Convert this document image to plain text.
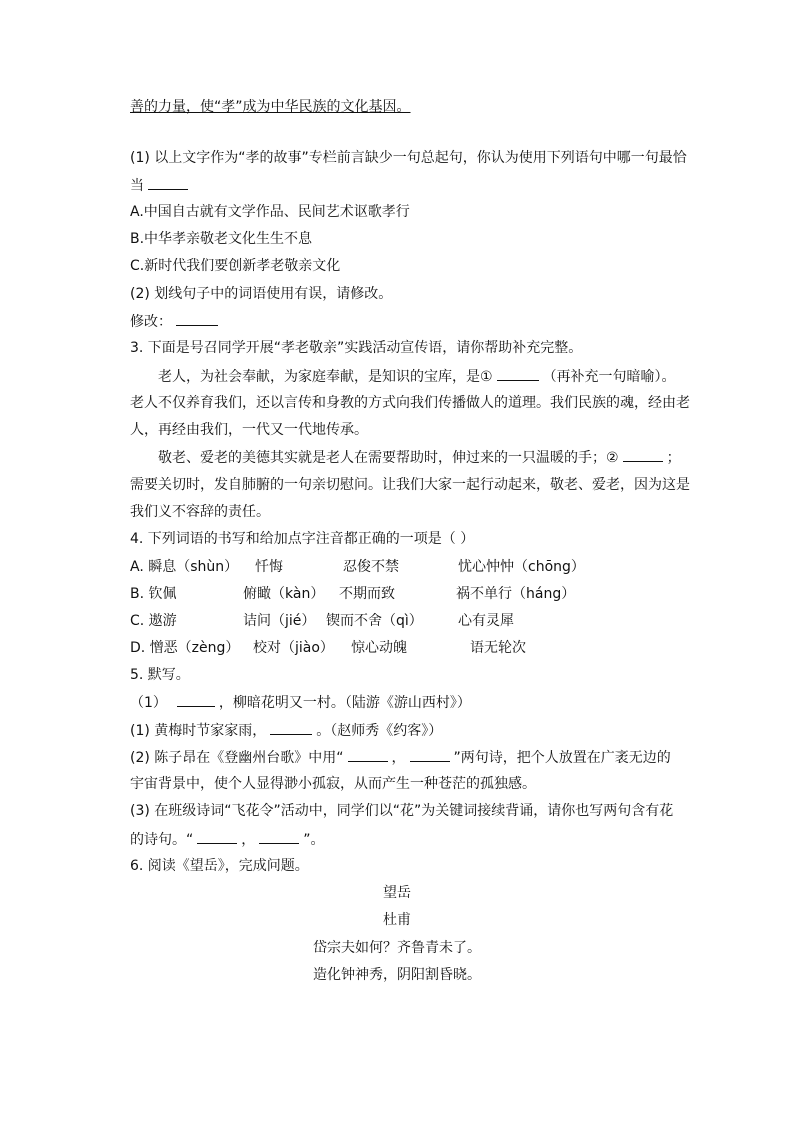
善的力量，使“孝”成为中华民族的文化基因。
(1) 以上文字作为“孝的故事”专栏前言缺少一句总起句，你认为使用下列语句中哪一句最恰
当
A.中国自古就有文学作品、民间艺术讴歌孝行
B.中华孝亲敬老文化生生不息
C.新时代我们要创新孝老敬亲文化
(2) 划线句子中的词语使用有误，请修改。
修改：
3. 下面是号召同学开展“孝老敬亲”实践活动宣传语，请你帮助补充完整。
老人，为社会奉献，为家庭奉献，是知识的宝库，是①	（再补充一句暗喻）。
老人不仅养育我们，还以言传和身教的方式向我们传播做人的道理。我们民族的魂，经由老
人，再经由我们，一代又一代地传承。
敬老、爱老的美德其实就是老人在需要帮助时，伸过来的一只温暖的手；②	；
需要关切时，发自肺腑的一句亲切慰问。让我们大家一起行动起来，敬老、爱老，因为这是
我们义不容辞的责任。
4. 下列词语的书写和给加点字注音都正确的一项是（ ）
A. 瞬息（shùn） 忏悔	忍俊不禁	忧心忡忡（chōng）
B. 钦佩	俯瞰（kàn） 不期而致	祸不单行（háng）
C. 遨游	诘问（jié） 锲而不舍（qì）	心有灵犀
D. 憎恶（zèng） 校对（jiào） 惊心动魄	语无轮次
5. 默写。
（1）	，柳暗花明又一村。（陆游《游山西村》）
(1) 黄梅时节家家雨，	。（赵师秀《约客》）
(2) 陈子昂在《登幽州台歌》中用“	，	”两句诗，把个人放置在广袤无边的
宇宙背景中，使个人显得渺小孤寂，从而产生一种苍茫的孤独感。
(3) 在班级诗词“飞花令”活动中，同学们以“花”为关键词接续背诵，请你也写两句含有花
的诗句。“	，	”。
6. 阅读《望岳》，完成问题。
望岳
杜甫
岱宗夫如何？齐鲁青未了。
造化钟神秀，阴阳割昏晓。
